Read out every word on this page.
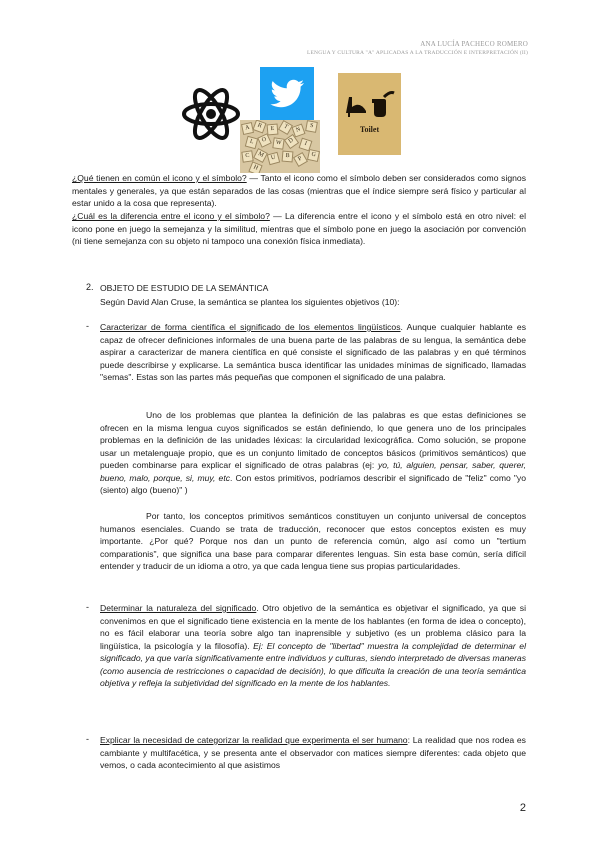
ANA LUCÍA PACHECO ROMERO
LENGUA Y CULTURA "A" APLICADAS A LA TRADUCCIÓN E INTERPRETACIÓN (II)
A	R	E	T	N
S
L	O	W D	I
C	M U	B	P
G
H
Toilet

¿Qué tienen en común el icono y el símbolo? — Tanto el icono como el símbolo deben ser considerados como signos mentales y generales, ya que están separados de las cosas (mientras que el índice siempre será físico y particular al estar unido a la cosa que representa).

¿Cuál es la diferencia entre el icono y el símbolo? — La diferencia entre el icono y el símbolo está en otro nivel: el icono pone en juego la semejanza y la similitud, mientras que el símbolo pone en juego la asociación por convención (ni tiene semejanza con su objeto ni tampoco una conexión física inmediata).

2. OBJETO DE ESTUDIO DE LA SEMÁNTICA

Según David Alan Cruse, la semántica se plantea los siguientes objetivos (10):

- Caracterizar de forma científica el significado de los elementos lingüísticos. Aunque cualquier hablante es capaz de ofrecer definiciones informales de una buena parte de las palabras de su lengua, la semántica debe aspirar a caracterizar de manera científica en qué consiste el significado de las palabras y en qué términos puede describirse y explicarse. La semántica busca identificar las unidades mínimas de significado, llamadas "semas". Estas son las partes más pequeñas que componen el significado de una palabra.

Uno de los problemas que plantea la definición de las palabras es que estas definiciones se ofrecen en la misma lengua cuyos significados se están definiendo, lo que genera uno de los principales problemas en la definición de las unidades léxicas: la circularidad lexicográfica. Como solución, se propone usar un metalenguaje propio, que es un conjunto limitado de conceptos básicos (primitivos semánticos) que pueden combinarse para explicar el significado de otras palabras (ej: yo, tú, alguien, pensar, saber, querer, bueno, malo, porque, si, muy, etc. Con estos primitivos, podríamos describir el significado de "feliz" como "yo (siento) algo (bueno)" )

Por tanto, los conceptos primitivos semánticos constituyen un conjunto universal de conceptos humanos esenciales. Cuando se trata de traducción, reconocer que estos conceptos existen es muy importante. ¿Por qué? Porque nos dan un punto de referencia común, algo así como un "tertium comparationis", que significa una base para comparar diferentes lenguas. Sin esta base común, sería difícil entender y traducir de un idioma a otro, ya que cada lengua tiene sus propias particularidades.

- Determinar la naturaleza del significado. Otro objetivo de la semántica es objetivar el significado, ya que si convenimos en que el significado tiene existencia en la mente de los hablantes (en forma de idea o concepto), no es fácil elaborar una teoría sobre algo tan inaprensible y subjetivo (es un problema clásico para la lingüística, la psicología y la filosofía). Ej: El concepto de "libertad" muestra la complejidad de determinar el significado, ya que varía significativamente entre individuos y culturas, siendo interpretado de diversas maneras (como ausencia de restricciones o capacidad de decisión), lo que dificulta la creación de una teoría semántica objetiva y refleja la subjetividad del significado en la mente de los hablantes.

- Explicar la necesidad de categorizar la realidad que experimenta el ser humano: La realidad que nos rodea es cambiante y multifacética, y se presenta ante el observador con matices siempre diferentes: cada objeto que vemos, o cada acontecimiento al que asistimos

2
